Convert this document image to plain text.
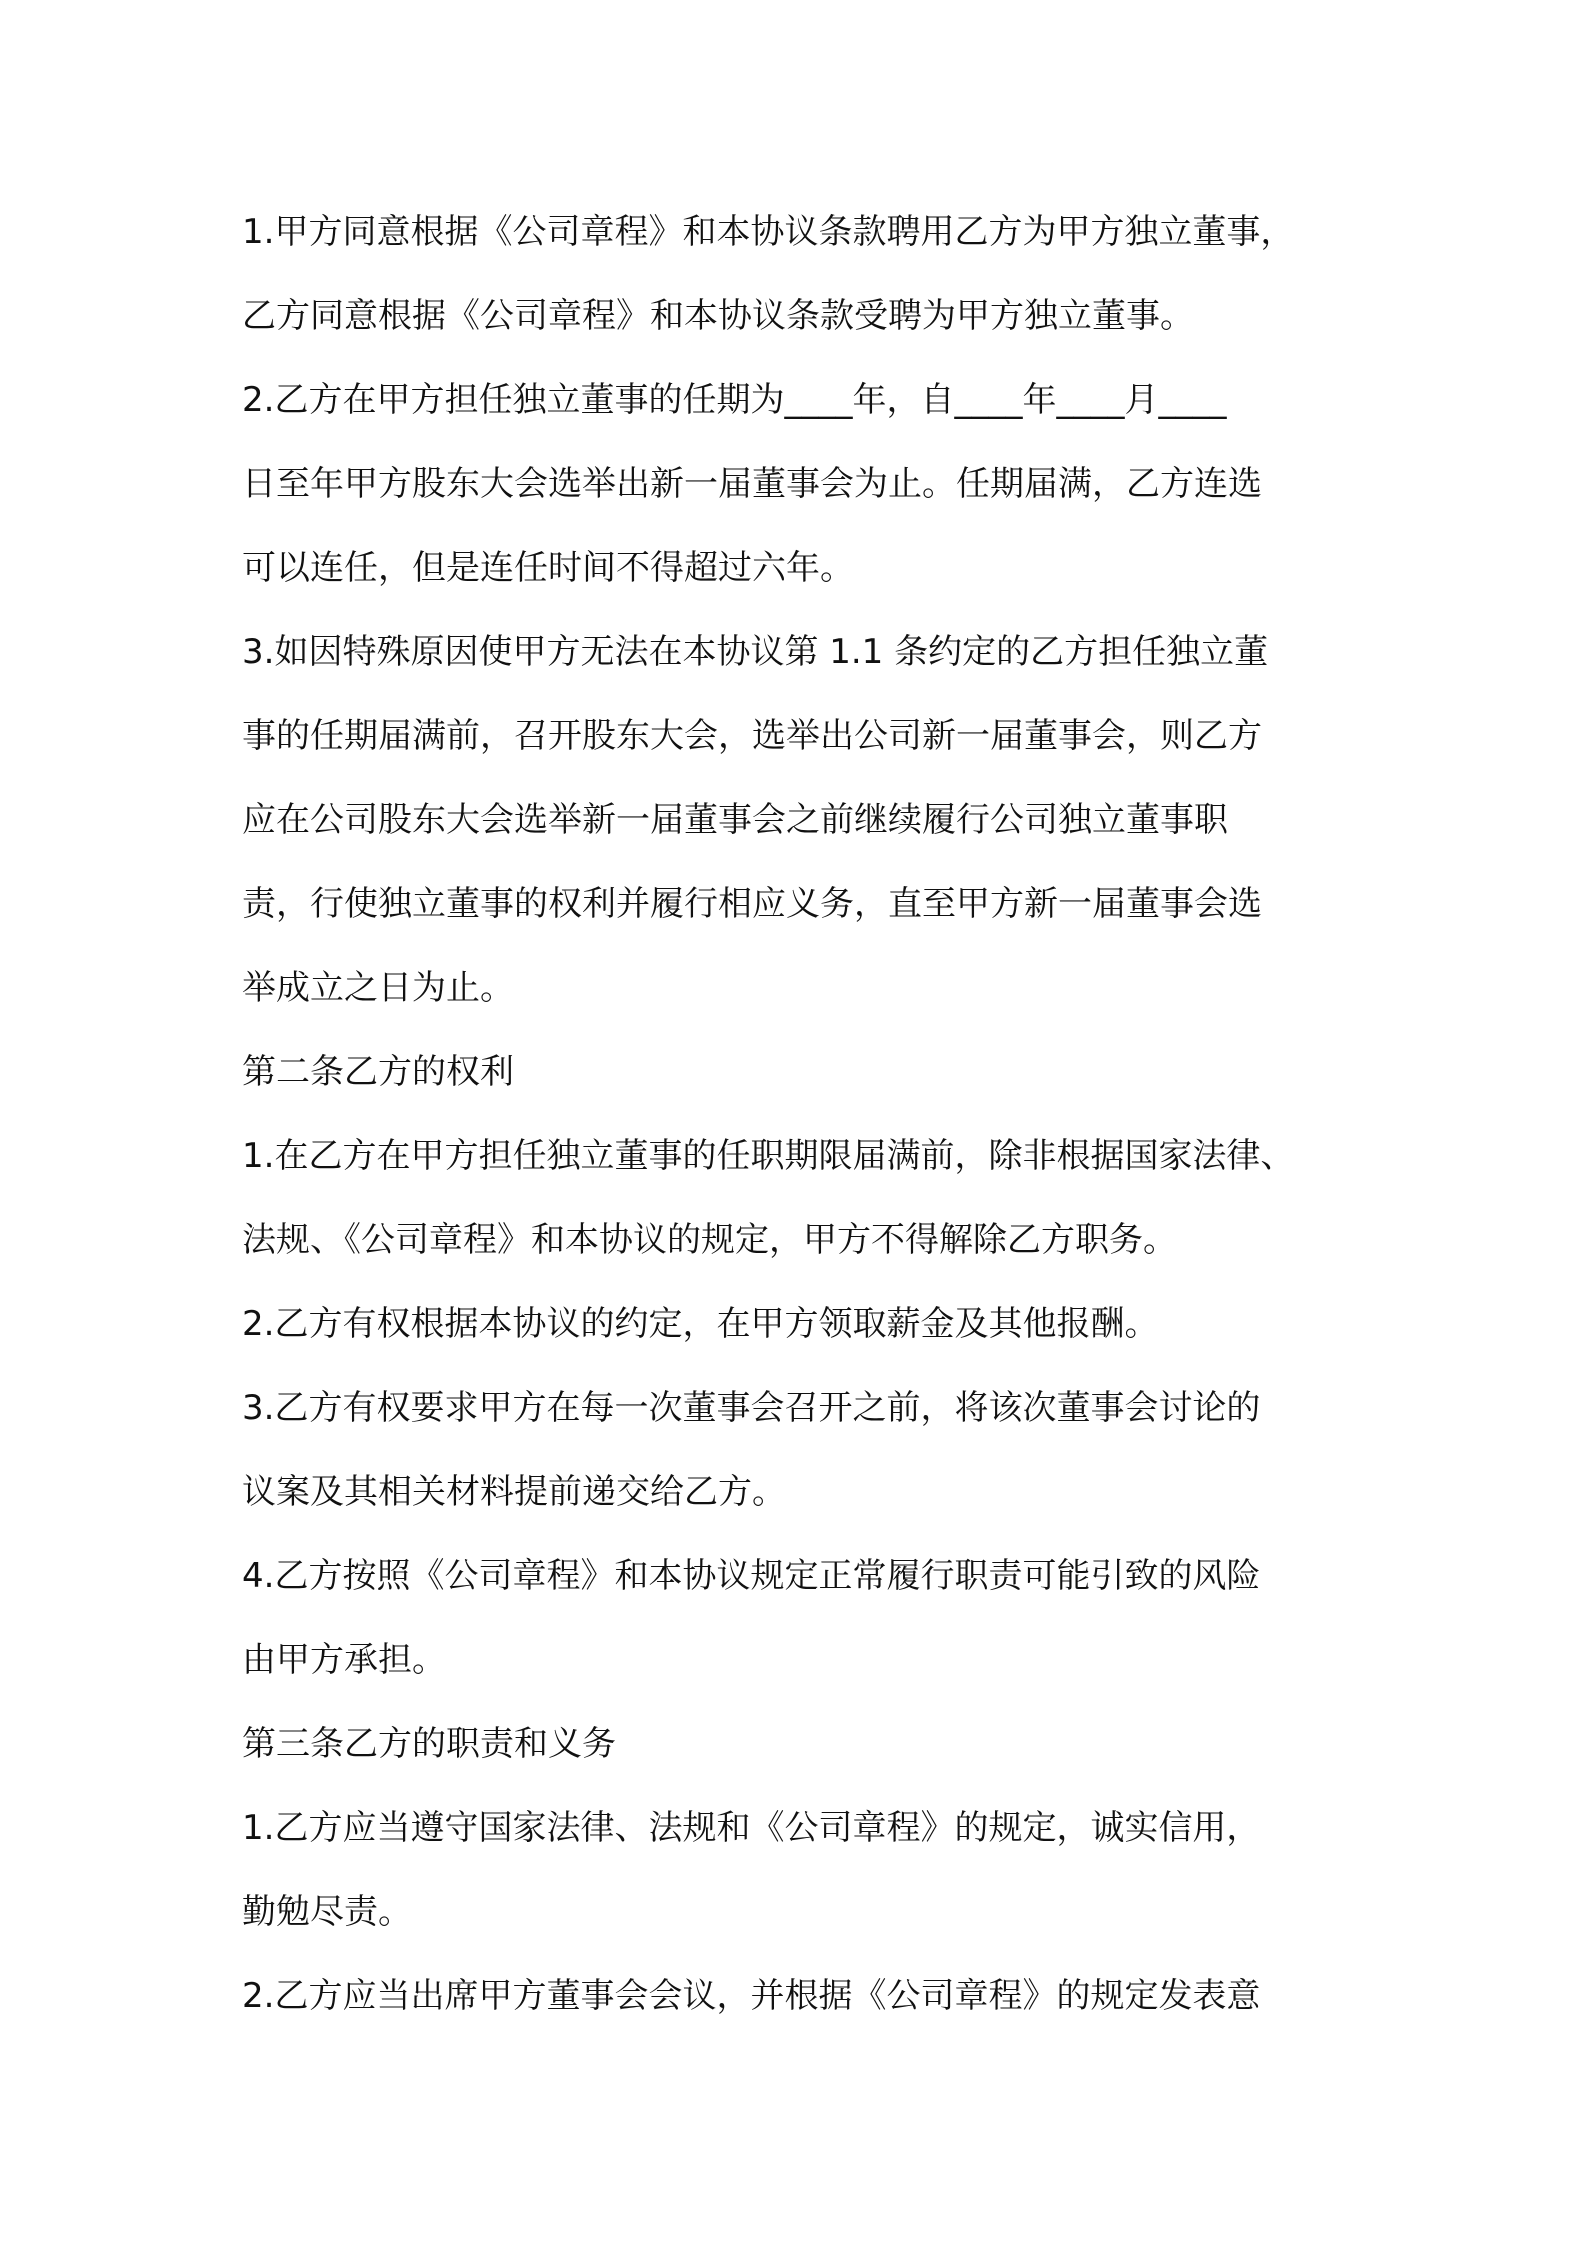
1.甲方同意根据《公司章程》和本协议条款聘用乙方为甲方独立董事，
乙方同意根据《公司章程》和本协议条款受聘为甲方独立董事。
2.乙方在甲方担任独立董事的任期为____年，自____年____月____
日至年甲方股东大会选举出新一届董事会为止。任期届满，乙方连选
可以连任，但是连任时间不得超过六年。
3.如因特殊原因使甲方无法在本协议第 1.1 条约定的乙方担任独立董
事的任期届满前，召开股东大会，选举出公司新一届董事会，则乙方
应在公司股东大会选举新一届董事会之前继续履行公司独立董事职
责，行使独立董事的权利并履行相应义务，直至甲方新一届董事会选
举成立之日为止。
第二条乙方的权利
1.在乙方在甲方担任独立董事的任职期限届满前，除非根据国家法律、
法规、《公司章程》和本协议的规定，甲方不得解除乙方职务。
2.乙方有权根据本协议的约定，在甲方领取薪金及其他报酬。
3.乙方有权要求甲方在每一次董事会召开之前，将该次董事会讨论的
议案及其相关材料提前递交给乙方。
4.乙方按照《公司章程》和本协议规定正常履行职责可能引致的风险
由甲方承担。
第三条乙方的职责和义务
1.乙方应当遵守国家法律、法规和《公司章程》的规定，诚实信用，
勤勉尽责。
2.乙方应当出席甲方董事会会议，并根据《公司章程》的规定发表意
